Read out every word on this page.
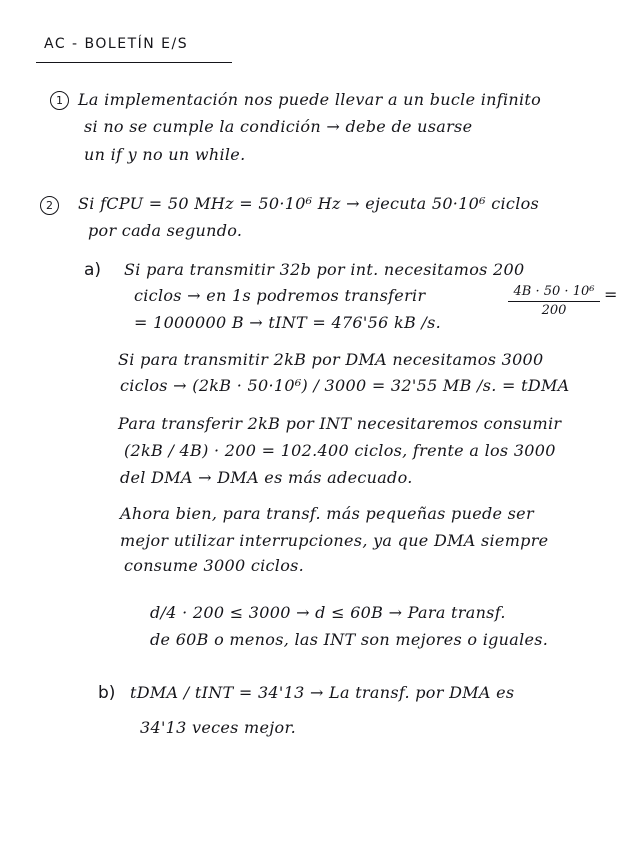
AC - BOLETÍN E/S
1 La implementación nos puede llevar a un bucle infinito
si no se cumple la condición → debe de usarse
un if y no un while.
2	Si fCPU = 50 MHz = 50·10⁶ Hz → ejecuta 50·10⁶ ciclos
por cada segundo.
a) Si para transmitir 32b por int. necesitamos 200
ciclos → en 1s podremos transferir	$\frac{\text{4B · 50 · 10⁶}}{200}$ =
= 1000000 B → tINT = 476'56 kB /s.
Si para transmitir 2kB por DMA necesitamos 3000
ciclos → (2kB · 50·10⁶) / 3000 = 32'55 MB /s. = tDMA
Para transferir 2kB por INT necesitaremos consumir
(2kB / 4B) · 200 = 102.400 ciclos, frente a los 3000
del DMA → DMA es más adecuado.
Ahora bien, para transf. más pequeñas puede ser
mejor utilizar interrupciones, ya que DMA siempre
consume 3000 ciclos.
d/4 · 200 ≤ 3000 → d ≤ 60B → Para transf.
de 60B o menos, las INT son mejores o iguales.
b) tDMA / tINT = 34'13 → La transf. por DMA es
34'13 veces mejor.
